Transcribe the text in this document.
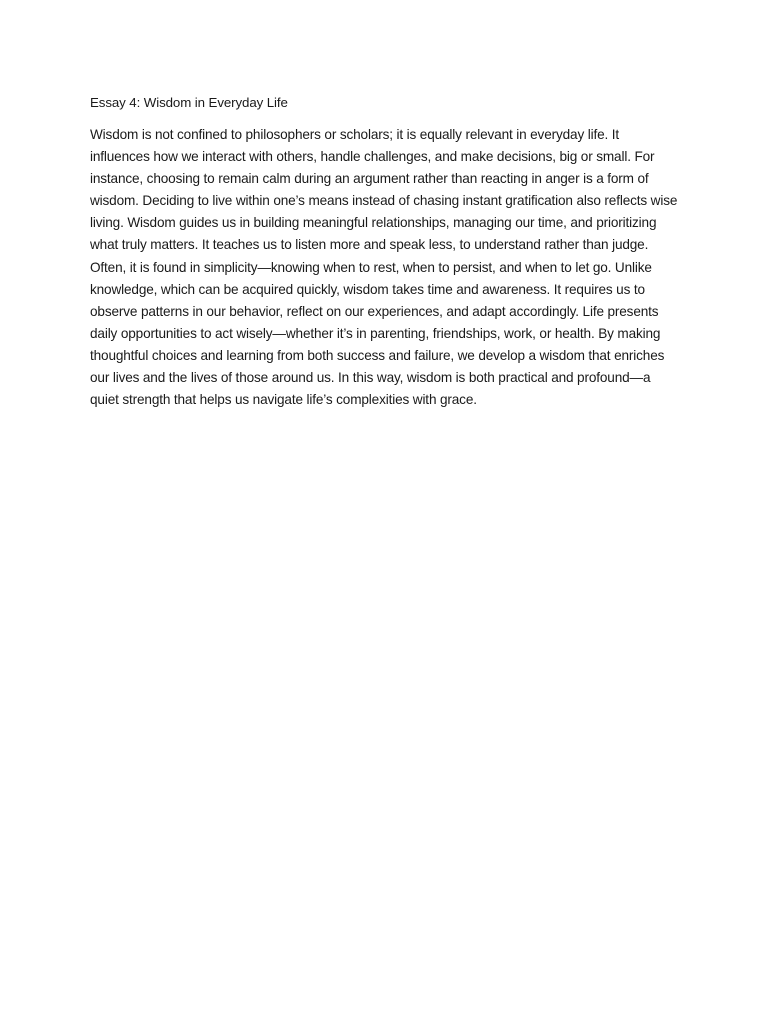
Essay 4: Wisdom in Everyday Life

Wisdom is not confined to philosophers or scholars; it is equally relevant in everyday life. It influences how we interact with others, handle challenges, and make decisions, big or small. For instance, choosing to remain calm during an argument rather than reacting in anger is a form of wisdom. Deciding to live within one’s means instead of chasing instant gratification also reflects wise living. Wisdom guides us in building meaningful relationships, managing our time, and prioritizing what truly matters. It teaches us to listen more and speak less, to understand rather than judge. Often, it is found in simplicity—knowing when to rest, when to persist, and when to let go. Unlike knowledge, which can be acquired quickly, wisdom takes time and awareness. It requires us to observe patterns in our behavior, reflect on our experiences, and adapt accordingly. Life presents daily opportunities to act wisely—whether it’s in parenting, friendships, work, or health. By making thoughtful choices and learning from both success and failure, we develop a wisdom that enriches our lives and the lives of those around us. In this way, wisdom is both practical and profound—a quiet strength that helps us navigate life’s complexities with grace.
